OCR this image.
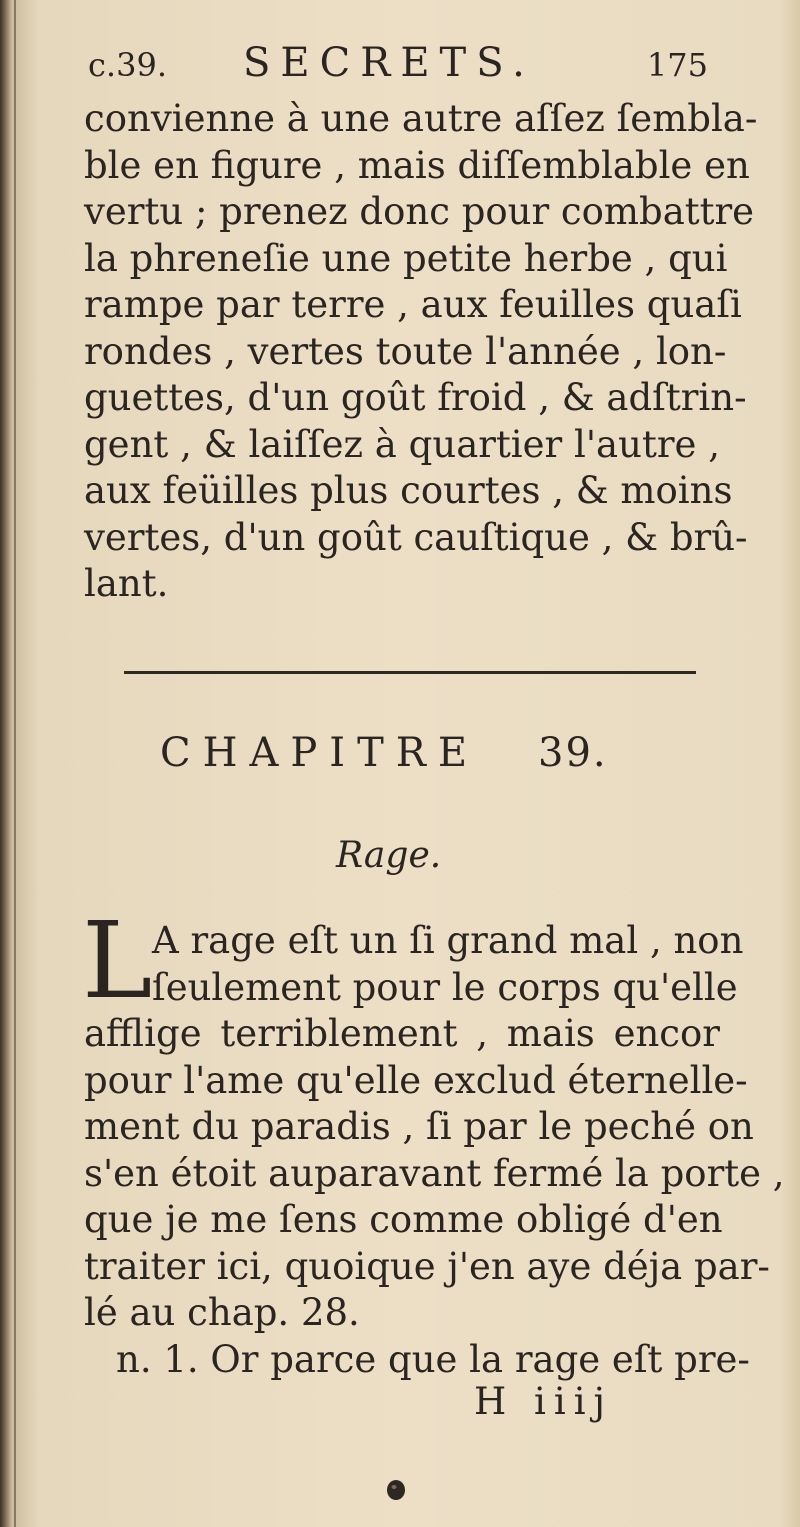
c.39. SECRETS.	175
convienne à une autre aſſez ſembla-
ble en figure , mais diſſemblable en
vertu ; prenez donc pour combattre
la phreneſie une petite herbe , qui
rampe par terre , aux feuilles quaſi
rondes , vertes toute l'année , lon-
guettes, d'un goût froid , & adſtrin-
gent , & laiſſez à quartier l'autre ,
aux feüilles plus courtes , & moins
vertes, d'un goût cauſtique , & brû-
lant.
CHAPITRE 39.
Rage.
L A rage eſt un ſi grand mal , non
ſeulement pour le corps qu'elle
afflige terriblement , mais encor
pour l'ame qu'elle exclud éternelle-
ment du paradis , ſi par le peché on
s'en étoit auparavant fermé la porte ,
que je me ſens comme obligé d'en
traiter ici, quoique j'en aye déja par-
lé au chap. 28.
n. 1. Or parce que la rage eſt pre-
H iiij
